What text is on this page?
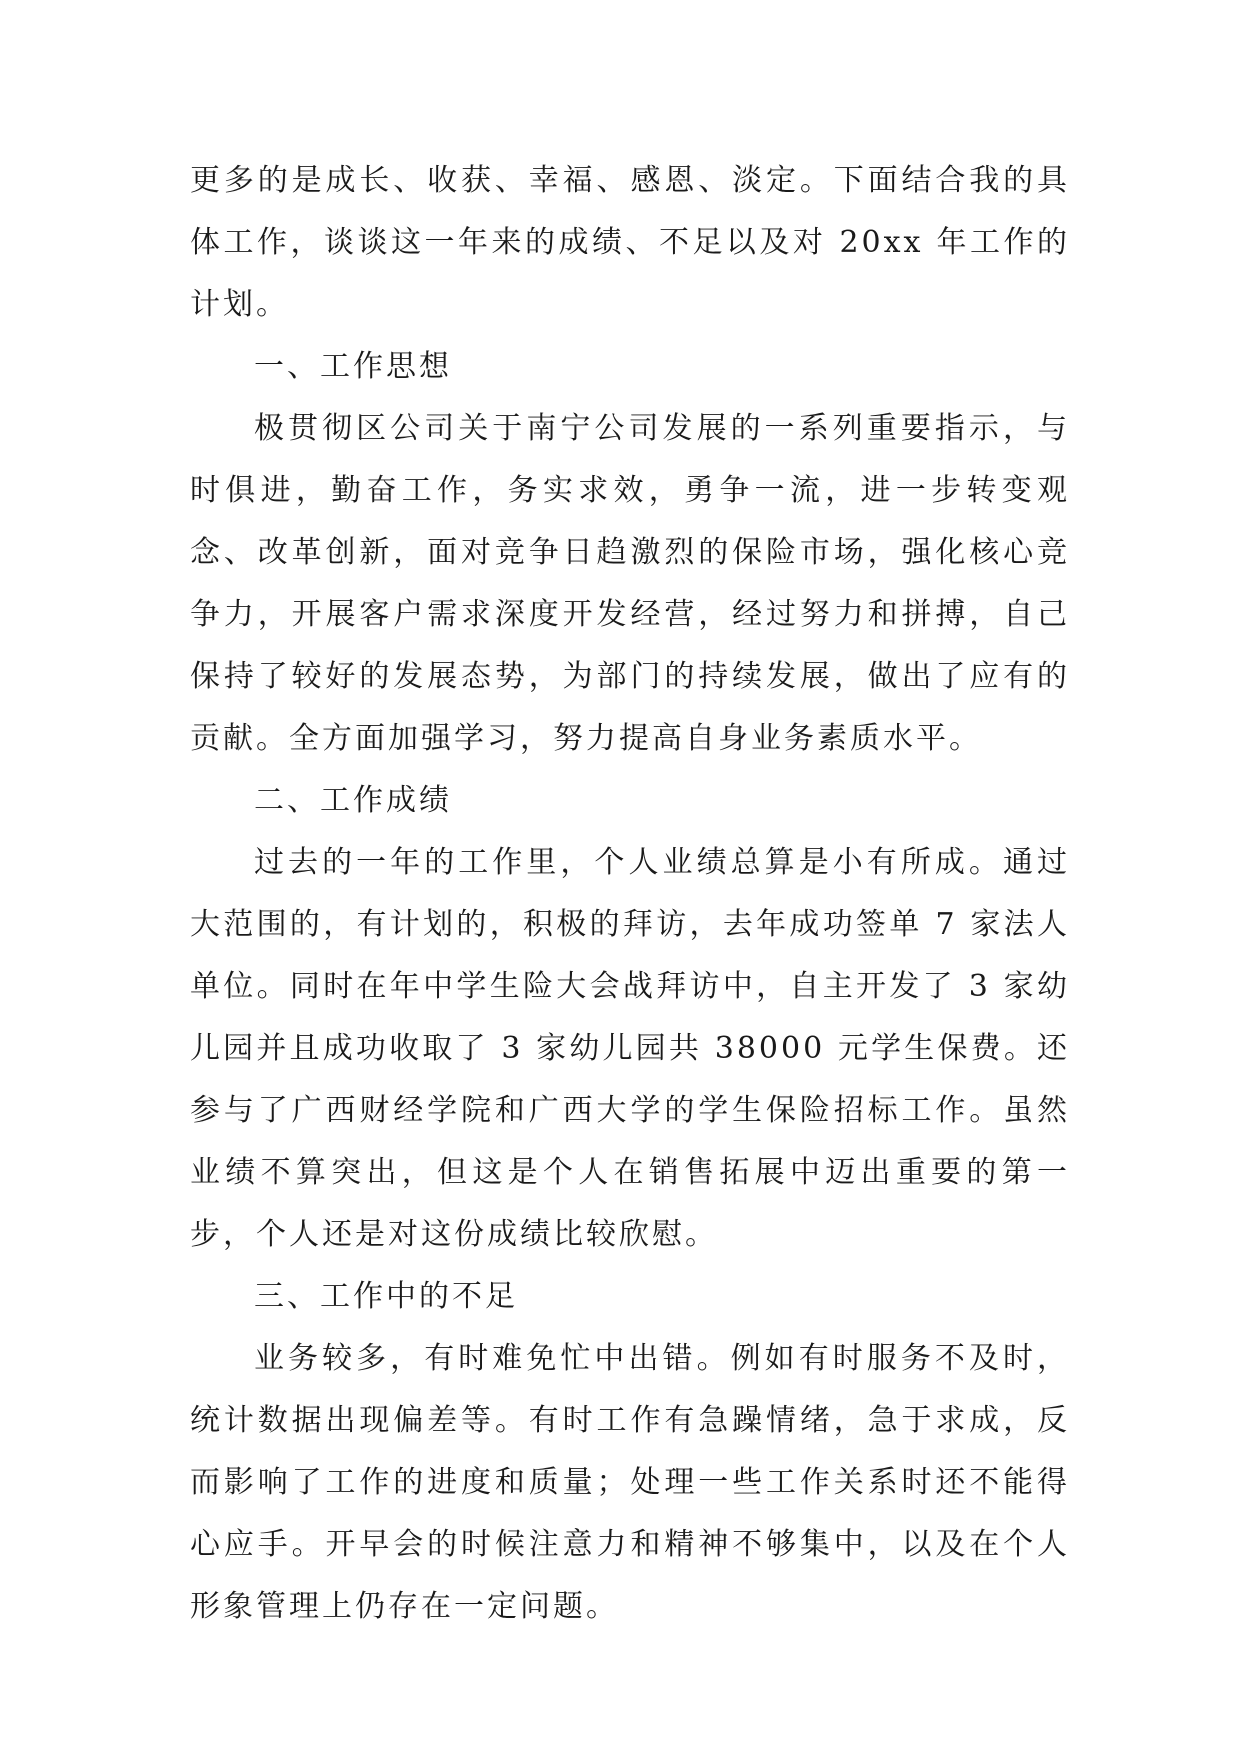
更多的是成长、收获、幸福、感恩、淡定。下面结合我的具体工作，谈谈这一年来的成绩、不足以及对 20xx 年工作的计划。

一、工作思想

极贯彻区公司关于南宁公司发展的一系列重要指示，与时俱进，勤奋工作，务实求效，勇争一流，进一步转变观念、改革创新，面对竞争日趋激烈的保险市场，强化核心竞争力，开展客户需求深度开发经营，经过努力和拼搏，自己保持了较好的发展态势，为部门的持续发展，做出了应有的贡献。全方面加强学习，努力提高自身业务素质水平。

二、工作成绩

过去的一年的工作里，个人业绩总算是小有所成。通过大范围的，有计划的，积极的拜访，去年成功签单 7 家法人单位。同时在年中学生险大会战拜访中，自主开发了 3 家幼儿园并且成功收取了 3 家幼儿园共 38000 元学生保费。还参与了广西财经学院和广西大学的学生保险招标工作。虽然业绩不算突出，但这是个人在销售拓展中迈出重要的第一步，个人还是对这份成绩比较欣慰。

三、工作中的不足

业务较多，有时难免忙中出错。例如有时服务不及时，统计数据出现偏差等。有时工作有急躁情绪，急于求成，反而影响了工作的进度和质量；处理一些工作关系时还不能得心应手。开早会的时候注意力和精神不够集中，以及在个人形象管理上仍存在一定问题。
